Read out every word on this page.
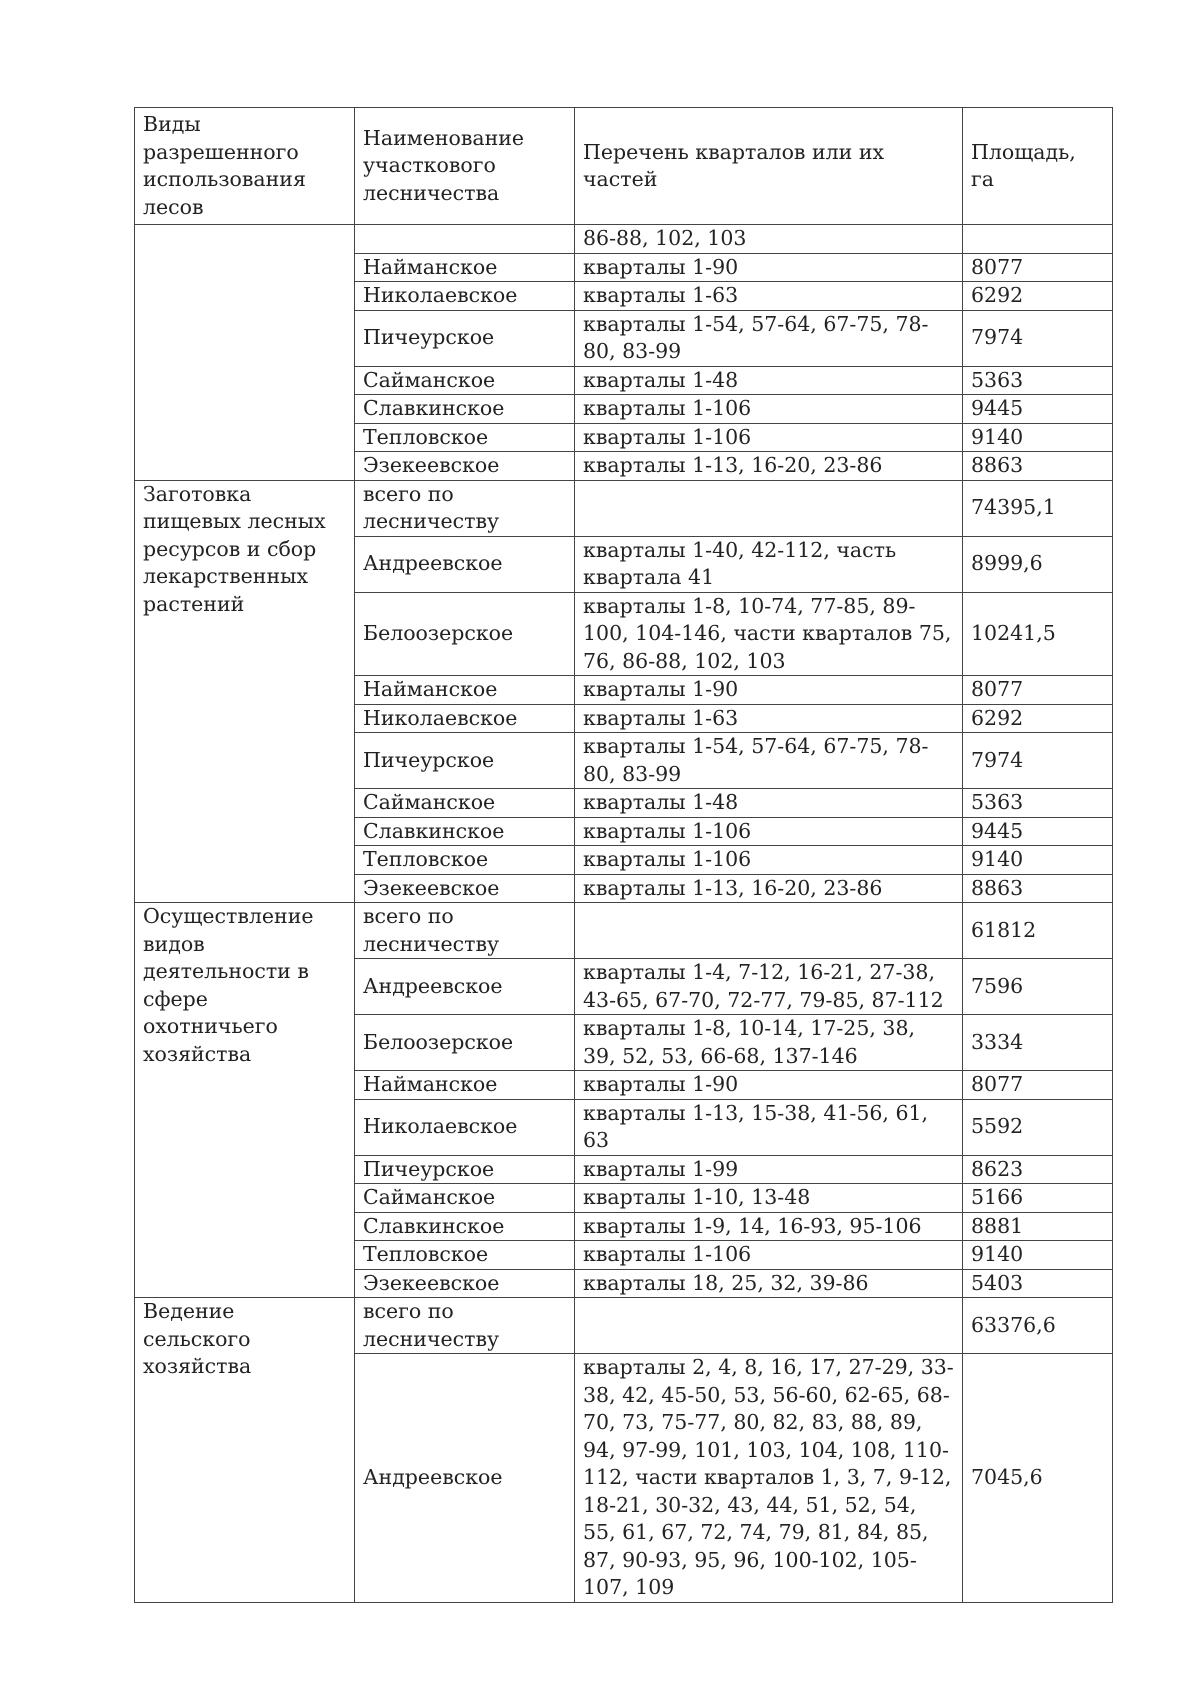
Виды разрешенного использования лесов	Наименование участкового лесничества	Перечень кварталов или их частей	Площадь, га
		86-88, 102, 103	
	Найманское	кварталы 1-90	8077
	Николаевское	кварталы 1-63	6292
	Пичеурское	кварталы 1-54, 57-64, 67-75, 78-80, 83-99	7974
	Сайманское	кварталы 1-48	5363
	Славкинское	кварталы 1-106	9445
	Тепловское	кварталы 1-106	9140
	Эзекеевское	кварталы 1-13, 16-20, 23-86	8863
Заготовка пищевых лесных ресурсов и сбор лекарственных растений	всего по лесничеству		74395,1
	Андреевское	кварталы 1-40, 42-112, часть квартала 41	8999,6
	Белоозерское	кварталы 1-8, 10-74, 77-85, 89-100, 104-146, части кварталов 75, 76, 86-88, 102, 103	10241,5
	Найманское	кварталы 1-90	8077
	Николаевское	кварталы 1-63	6292
	Пичеурское	кварталы 1-54, 57-64, 67-75, 78-80, 83-99	7974
	Сайманское	кварталы 1-48	5363
	Славкинское	кварталы 1-106	9445
	Тепловское	кварталы 1-106	9140
	Эзекеевское	кварталы 1-13, 16-20, 23-86	8863
Осуществление видов деятельности в сфере охотничьего хозяйства	всего по лесничеству		61812
	Андреевское	кварталы 1-4, 7-12, 16-21, 27-38, 43-65, 67-70, 72-77, 79-85, 87-112	7596
	Белоозерское	кварталы 1-8, 10-14, 17-25, 38, 39, 52, 53, 66-68, 137-146	3334
	Найманское	кварталы 1-90	8077
	Николаевское	кварталы 1-13, 15-38, 41-56, 61, 63	5592
	Пичеурское	кварталы 1-99	8623
	Сайманское	кварталы 1-10, 13-48	5166
	Славкинское	кварталы 1-9, 14, 16-93, 95-106	8881
	Тепловское	кварталы 1-106	9140
	Эзекеевское	кварталы 18, 25, 32, 39-86	5403
Ведение сельского хозяйства	всего по лесничеству		63376,6
	Андреевское	кварталы 2, 4, 8, 16, 17, 27-29, 33-38, 42, 45-50, 53, 56-60, 62-65, 68-70, 73, 75-77, 80, 82, 83, 88, 89, 94, 97-99, 101, 103, 104, 108, 110-112, части кварталов 1, 3, 7, 9-12, 18-21, 30-32, 43, 44, 51, 52, 54, 55, 61, 67, 72, 74, 79, 81, 84, 85, 87, 90-93, 95, 96, 100-102, 105-107, 109	7045,6
